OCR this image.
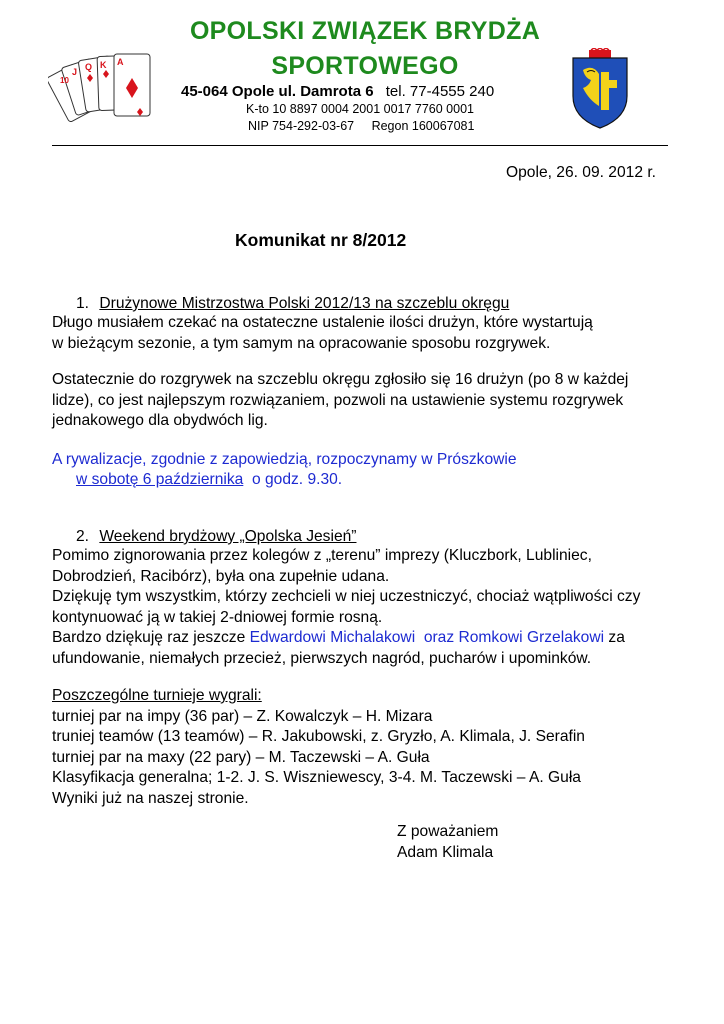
A
K
Q
J
10
OPOLSKI ZWIĄZEK BRYDŻA
SPORTOWEGO
45-064 Opole ul. Damrota 6 tel. 77-4555 240
K-to 10 8897 0004 2001 0017 7760 0001
NIP 754-292-03-67 Regon 160067081
Opole, 26. 09. 2012 r.
Komunikat nr 8/2012
1. Drużynowe Mistrzostwa Polski 2012/13 na szczeblu okręgu
Długo musiałem czekać na ostateczne ustalenie ilości drużyn, które wystartują
w bieżącym sezonie, a tym samym na opracowanie sposobu rozgrywek.
Ostatecznie do rozgrywek na szczeblu okręgu zgłosiło się 16 drużyn (po 8 w każdej
lidze), co jest najlepszym rozwiązaniem, pozwoli na ustawienie systemu rozgrywek
jednakowego dla obydwóch lig.
A rywalizacje, zgodnie z zapowiedzią, rozpoczynamy w Prószkowie
w sobotę 6 października  o godz. 9.30.
2. Weekend brydżowy „Opolska Jesień”
Pomimo zignorowania przez kolegów z „terenu” imprezy (Kluczbork, Lubliniec,
Dobrodzień, Racibórz), była ona zupełnie udana.
Dziękuję tym wszystkim, którzy zechcieli w niej uczestniczyć, chociaż wątpliwości czy
kontynuować ją w takiej 2-dniowej formie rosną.
Bardzo dziękuję raz jeszcze Edwardowi Michalakowi  oraz Romkowi Grzelakowi za
ufundowanie, niemałych przecież, pierwszych nagród, pucharów i upominków.
Poszczególne turnieje wygrali:
turniej par na impy (36 par) – Z. Kowalczyk – H. Mizara
truniej teamów (13 teamów) – R. Jakubowski, z. Gryzło, A. Klimala, J. Serafin
turniej par na maxy (22 pary) – M. Taczewski – A. Guła
Klasyfikacja generalna; 1-2. J. S. Wiszniewescy, 3-4. M. Taczewski – A. Guła
Wyniki już na naszej stronie.
Z poważaniem
Adam Klimala
